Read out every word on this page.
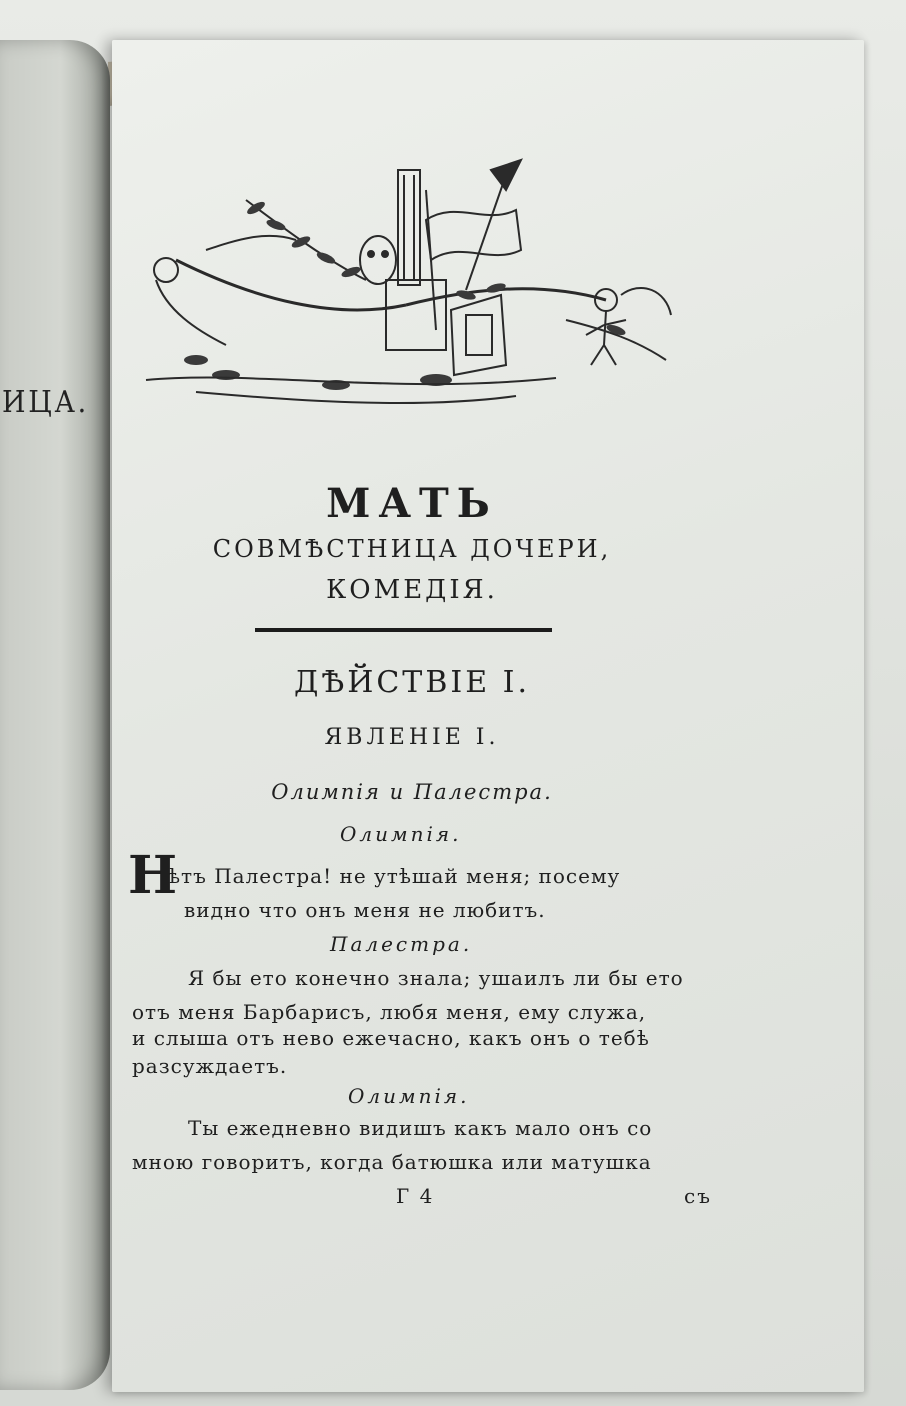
ИЦА.
МАТЬ
СОВМѢСТНИЦА ДОЧЕРИ,
КОМЕДІЯ.
ДѢЙСТВІЕ I.
ЯВЛЕНІЕ I.
Олимпія и Палестра.
Олимпія.
Н
ѣтъ Палестра! не утѣшай меня; посему
видно что онъ меня не любитъ.
Палестра.
Я бы ето конечно знала; ушаилъ ли бы ето
отъ меня Барбарисъ, любя меня, ему служа,
и слыша отъ нево ежечасно, какъ онъ о тебѣ
разсуждаетъ.
Олимпія.
Ты ежедневно видишъ какъ мало онъ со
мною говоритъ, когда батюшка или матушка
Г 4	съ
